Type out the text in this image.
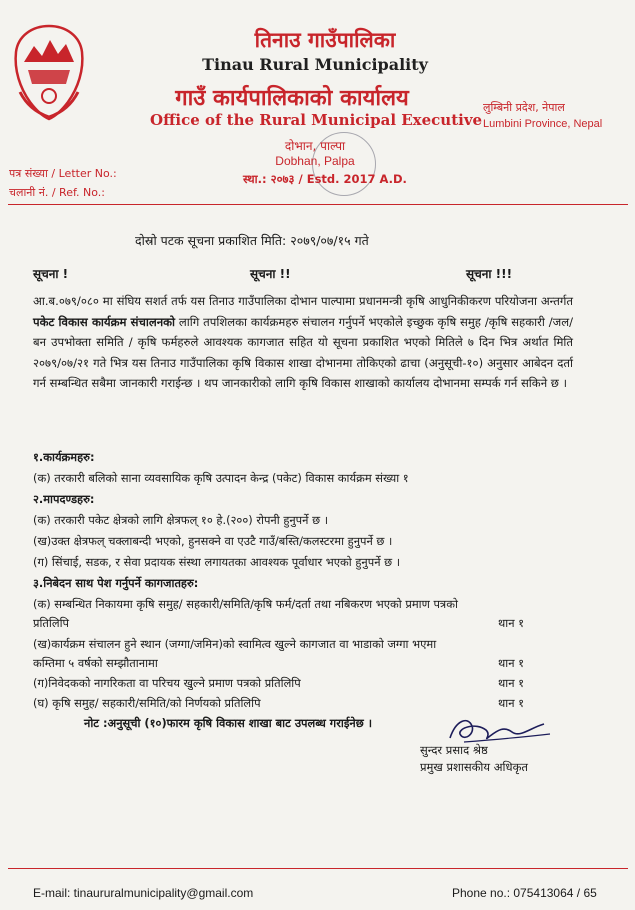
तिनाउ गाउँपालिका
Tinau Rural Municipality
गाउँ कार्यपालिकाको कार्यालय
Office of the Rural Municipal Executive
लुम्बिनी प्रदेश, नेपाल
Lumbini Province, Nepal
दोभान, पाल्पा
Dobhan, Palpa
स्था.: २०७३ / Estd. 2017 A.D.
पत्र संख्या / Letter No.:
चलानी नं. / Ref. No.:
दोस्रो पटक सूचना प्रकाशित मिति: २०७९/०७/१५ गते
सूचना !	सूचना !!	सूचना !!!
आ.ब.०७९/०८० मा संघिय सशर्त तर्फ यस तिनाउ गाउँपालिका दोभान पाल्पामा प्रधानमन्त्री कृषि आधुनिकीकरण परियोजना अन्तर्गत पकेट विकास कार्यक्रम संचालनको लागि तपशिलका कार्यक्रमहरु संचालन गर्नुपर्ने भएकोले इच्छुक कृषि समुह /कृषि सहकारी /जल/बन उपभोक्ता समिति / कृषि फर्महरुले आवश्यक कागजात सहित यो सूचना प्रकाशित भएको मितिले ७ दिन भित्र अर्थात मिति २०७९/०७/२१ गते भित्र यस तिनाउ गाउँपालिका कृषि विकास शाखा दोभानमा तोकिएको ढाचा (अनुसूची-१०) अनुसार आबेदन दर्ता गर्न सम्बन्धित सबैमा जानकारी गराईन्छ । थप जानकारीको लागि कृषि विकास शाखाको कार्यालय दोभानमा सम्पर्क गर्न सकिने छ ।
१.कार्यक्रमहरु:
(क) तरकारी बलिको साना व्यवसायिक कृषि उत्पादन केन्द्र (पकेट) विकास कार्यक्रम संख्या १
२.मापदण्डहरु:
(क) तरकारी पकेट क्षेत्रको लागि क्षेत्रफल् १० हे.(२००) रोपनी हुनुपर्ने छ ।
(ख)उक्त क्षेत्रफल् चक्लाबन्दी भएको, हुनसक्ने वा एउटै गाउँ/बस्ति/कलस्टरमा हुनुपर्ने छ ।
(ग) सिंचाई, सडक, र सेवा प्रदायक संस्था लगायतका आवश्यक पूर्वाधार भएको हुनुपर्ने छ ।
३.निबेदन साथ पेश गर्नुपर्ने कागजातहरु:
(क) सम्बन्धित निकायमा कृषि समुह/ सहकारी/समिति/कृषि फर्म/दर्ता तथा नबिकरण भएको प्रमाण पत्रको
प्रतिलिपि	थान १
(ख)कार्यक्रम संचालन हुने स्थान (जग्गा/जमिन)को स्वामित्व खुल्ने कागजात वा भाडाको जग्गा भएमा
कम्तिमा ५ वर्षको सम्झौतानामा	थान १
(ग)निवेदकको नागरिकता वा परिचय खुल्ने प्रमाण पत्रको प्रतिलिपि	थान १
(घ) कृषि समुह/ सहकारी/समिति/को निर्णयको प्रतिलिपि	थान १
नोट :अनुसूची (१०)फारम कृषि विकास शाखा बाट उपलब्ध गराईनेछ ।
सुन्दर प्रसाद श्रेष्ठ
प्रमुख प्रशासकीय अधिकृत
E-mail: tinaururalmunicipality@gmail.com	Phone no.: 075413064 / 65
